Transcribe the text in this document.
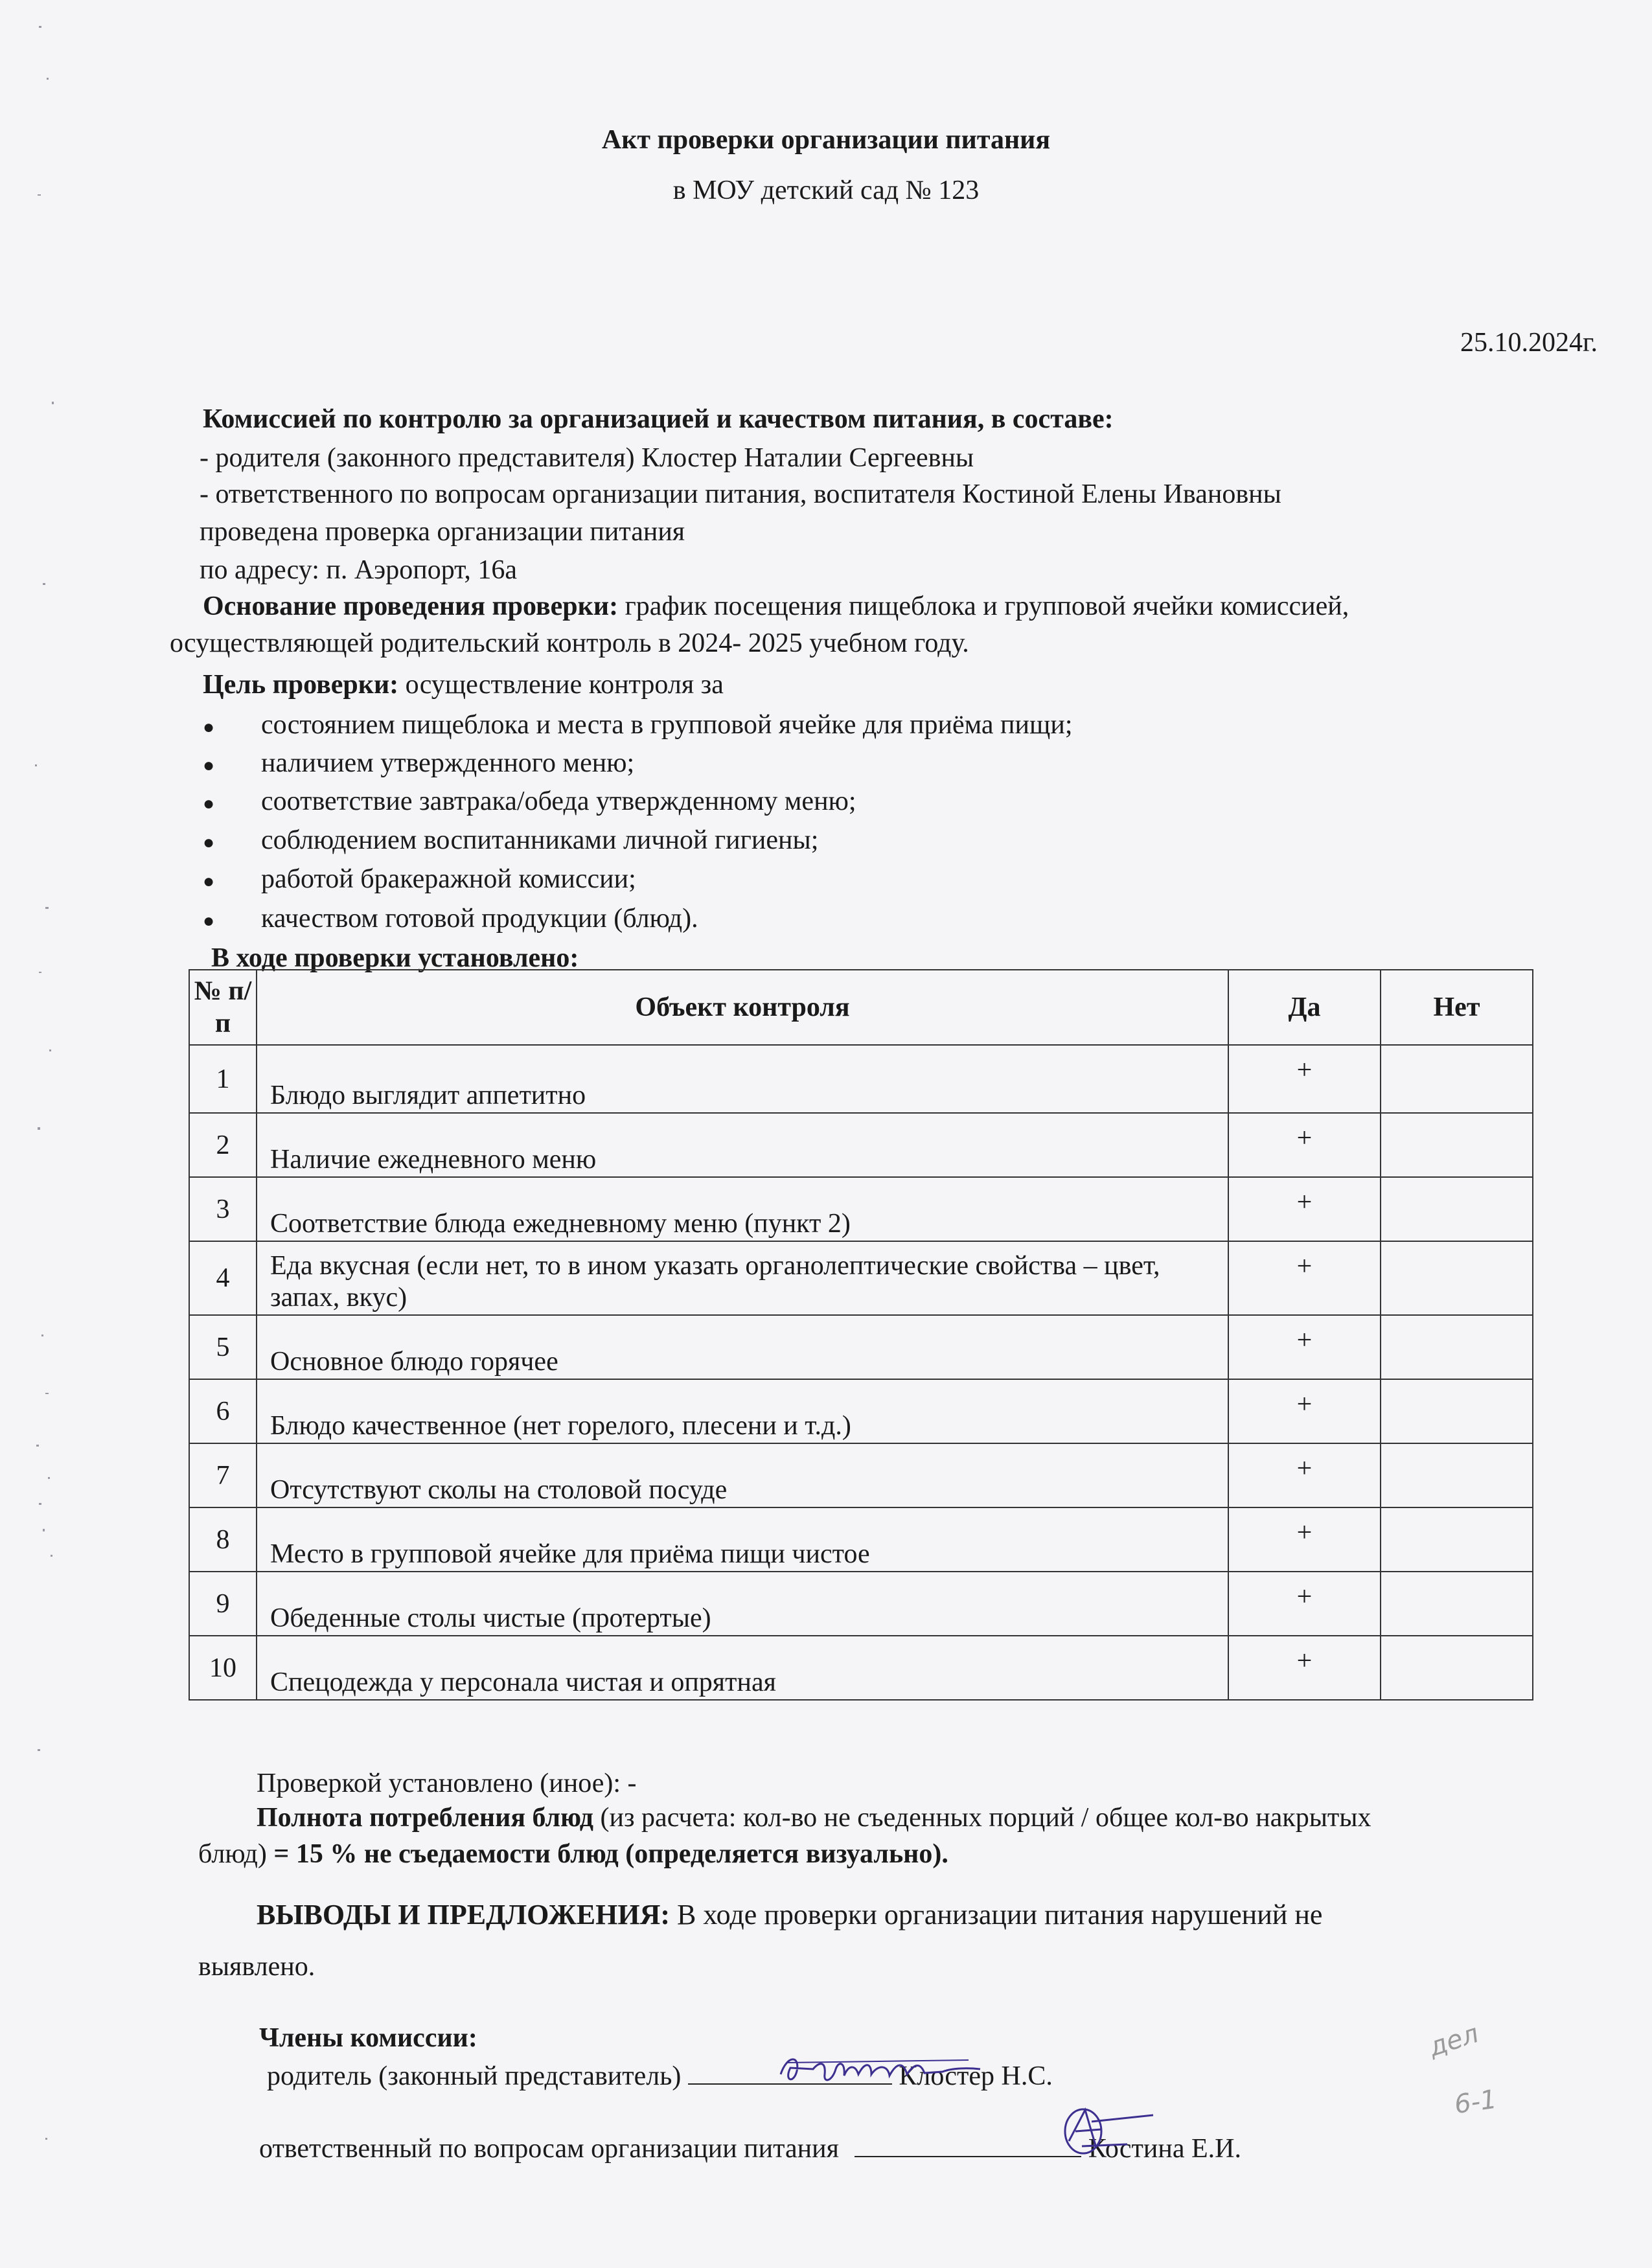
Акт проверки организации питания
в МОУ детский сад № 123
25.10.2024г.
Комиссией по контролю за организацией и качеством питания, в составе:
- родителя (законного представителя) Клостер Наталии Сергеевны
- ответственного по вопросам организации питания, воспитателя Костиной Елены Ивановны
проведена проверка организации питания
по адресу: п. Аэропорт, 16а
Основание проведения проверки: график посещения пищеблока и групповой ячейки комиссией,
осуществляющей родительский контроль в 2024- 2025 учебном году.
Цель проверки: осуществление контроля за
● состоянием пищеблока и места в групповой ячейке для приёма пищи;
● наличием утвержденного меню;
● соответствие завтрака/обеда утвержденному меню;
● соблюдением воспитанниками личной гигиены;
● работой бракеражной комиссии;
● качеством готовой продукции (блюд).
В ходе проверки установлено:
№ п/п	Объект контроля	Да	Нет
1	Блюдо выглядит аппетитно	+	
2	Наличие ежедневного меню	+	
3	Соответствие блюда ежедневному меню (пункт 2)	+	
4	Еда вкусная (если нет, то в ином указать органолептические свойства – цвет, запах, вкус)	+	
5	Основное блюдо горячее	+	
6	Блюдо качественное (нет горелого, плесени и т.д.)	+	
7	Отсутствуют сколы на столовой посуде	+	
8	Место в групповой ячейке для приёма пищи чистое	+	
9	Обеденные столы чистые (протертые)	+	
10	Спецодежда у персонала чистая и опрятная	+	
Проверкой установлено (иное): -
Полнота потребления блюд (из расчета: кол-во не съеденных порций / общее кол-во накрытых
блюд) = 15 % не съедаемости блюд (определяется визуально).
ВЫВОДЫ И ПРЕДЛОЖЕНИЯ: В ходе проверки организации питания нарушений не
выявлено.
Члены комиссии:
родитель (законный представитель)	Клостер Н.С.
ответственный по вопросам организации питания	Костина Е.И.
дел
6-1
